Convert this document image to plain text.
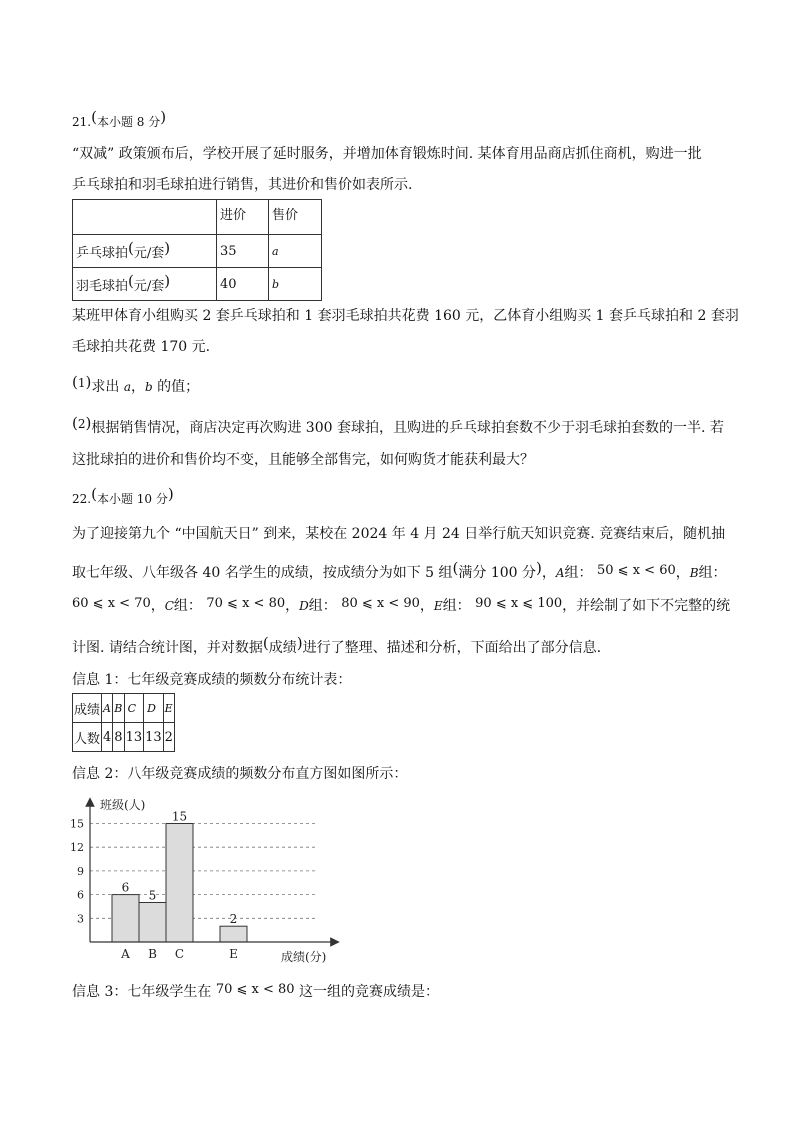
21.(本小题 8 分)
“双减” 政策颁布后，学校开展了延时服务，并增加体育锻炼时间. 某体育用品商店抓住商机，购进一批
乒乓球拍和羽毛球拍进行销售，其进价和售价如表所示.
	进价	售价
乒乓球拍(元/套)	35	a
羽毛球拍(元/套)	40	b
某班甲体育小组购买 2 套乒乓球拍和 1 套羽毛球拍共花费 160 元，乙体育小组购买 1 套乒乓球拍和 2 套羽
毛球拍共花费 170 元.
(1)求出 a，b 的值；
(2)根据销售情况，商店决定再次购进 300 套球拍，且购进的乒乓球拍套数不少于羽毛球拍套数的一半. 若
这批球拍的进价和售价均不变，且能够全部售完，如何购货才能获利最大？
22.(本小题 10 分)
为了迎接第九个 “中国航天日” 到来，某校在 2024 年 4 月 24 日举行航天知识竞赛. 竞赛结束后，随机抽
取七年级、八年级各 40 名学生的成绩，按成绩分为如下 5 组(满分 100 分)，A组： 50 ⩽ x < 60，B组：
60 ⩽ x < 70，C组： 70 ⩽ x < 80，D组： 80 ⩽ x < 90，E组： 90 ⩽ x ⩽ 100，并绘制了如下不完整的统
计图. 请结合统计图，并对数据(成绩)进行了整理、描述和分析，下面给出了部分信息.
信息 1：七年级竞赛成绩的频数分布统计表：
成绩	A	B	C	D	E
人数	4	8	13	13	2
信息 2：八年级竞赛成绩的频数分布直方图如图所示：
3
6
9
12
15
6
A
5
B
15
C
2
E
班级(人)
成绩(分)
信息 3：七年级学生在 70 ⩽ x < 80 这一组的竞赛成绩是：
